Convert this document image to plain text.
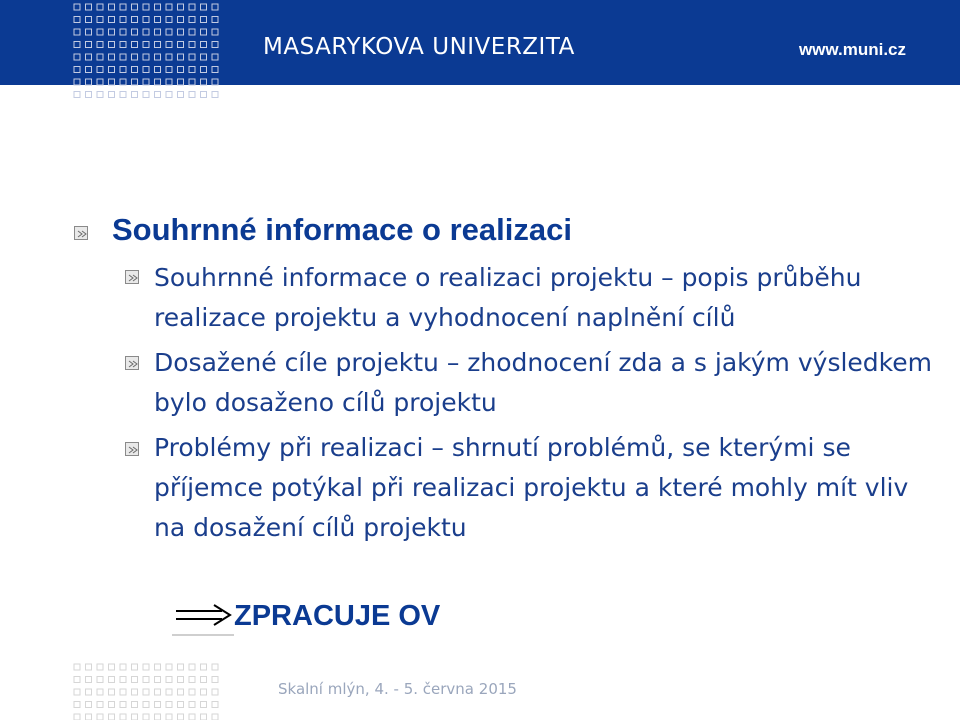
MASARYKOVA UNIVERZITA	www.muni.cz
Souhrnné informace o realizaci
Souhrnné informace o realizaci projektu – popis průběhu realizace projektu a vyhodnocení naplnění cílů
Dosažené cíle projektu – zhodnocení zda a s jakým výsledkem bylo dosaženo cílů projektu
Problémy při realizaci – shrnutí problémů, se kterými se příjemce potýkal při realizaci projektu a které mohly mít vliv na dosažení cílů projektu
ZPRACUJE OV
Skalní mlýn, 4. - 5. června 2015
